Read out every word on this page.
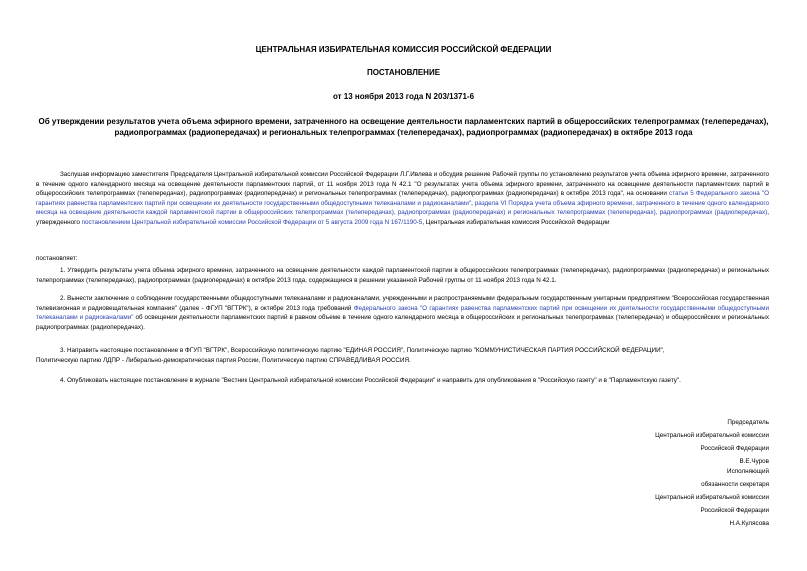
ЦЕНТРАЛЬНАЯ ИЗБИРАТЕЛЬНАЯ КОМИССИЯ РОССИЙСКОЙ ФЕДЕРАЦИИ
ПОСТАНОВЛЕНИЕ
от 13 ноября 2013 года N 203/1371-6
Об утверждении результатов учета объема эфирного времени, затраченного на освещение деятельности парламентских партий в общероссийских телепрограммах (телепередачах), радиопрограммах (радиопередачах) и региональных телепрограммах (телепередачах), радиопрограммах (радиопередачах) в октябре 2013 года
Заслушав информацию заместителя Председателя Центральной избирательной комиссии Российской Федерации Л.Г.Ивлева и обсудив решение Рабочей группы по установлению результатов учета объема эфирного времени, затраченного в течение одного календарного месяца на освещение деятельности парламентских партий, от 11 ноября 2013 года N 42.1 "О результатах учета объема эфирного времени, затраченного на освещение деятельности парламентских партий в общероссийских телепрограммах (телепередачах), радиопрограммах (радиопередачах) и региональных телепрограммах (телепередачах), радиопрограммах (радиопередачах) в октябре 2013 года", на основании статьи 5 Федерального закона "О гарантиях равенства парламентских партий при освещении их деятельности государственными общедоступными телеканалами и радиоканалами", раздела VI Порядка учета объема эфирного времени, затраченного в течение одного календарного месяца на освещение деятельности каждой парламентской партии в общероссийских телепрограммах (телепередачах), радиопрограммах (радиопередачах) и региональных телепрограммах (телепередачах), радиопрограммах (радиопередачах), утвержденного постановлением Центральной избирательной комиссии Российской Федерации от 5 августа 2009 года N 167/1190-5, Центральная избирательная комиссия Российской Федерации
постановляет:
1. Утвердить результаты учета объема эфирного времени, затраченного на освещение деятельности каждой парламентской партии в общероссийских телепрограммах (телепередачах), радиопрограммах (радиопередачах) и региональных телепрограммах (телепередачах), радиопрограммах (радиопередачах) в октябре 2013 года, содержащиеся в решении указанной Рабочей группы от 11 ноября 2013 года N 42.1.
2. Вынести заключение о соблюдении государственными общедоступными телеканалами и радиоканалами, учрежденными и распространяемыми федеральным государственным унитарным предприятием "Всероссийская государственная телевизионная и радиовещательная компания" (далее - ФГУП "ВГТРК"), в октябре 2013 года требований Федерального закона "О гарантиях равенства парламентских партий при освещении их деятельности государственными общедоступными телеканалами и радиоканалами" об освещении деятельности парламентских партий в равном объеме в течение одного календарного месяца в общероссийских и региональных телепрограммах (телепередачах) и общероссийских и региональных радиопрограммах (радиопередачах).
3. Направить настоящее постановление в ФГУП "ВГТРК", Всероссийскую политическую партию "ЕДИНАЯ РОССИЯ", Политическую партию "КОММУНИСТИЧЕСКАЯ ПАРТИЯ РОССИЙСКОЙ ФЕДЕРАЦИИ",
Политическую партию ЛДПР - Либерально-демократическая партия России, Политическую партию СПРАВЕДЛИВАЯ РОССИЯ.
4. Опубликовать настоящее постановление в журнале "Вестник Центральной избирательной комиссии Российской Федерации" и направить для опубликования в "Российскую газету" и в "Парламентскую газету".
Председатель
Центральной избирательной комиссии
Российской Федерации
В.Е.Чуров
Исполняющий
обязанности секретаря
Центральной избирательной комиссии
Российской Федерации
Н.А.Кулясова
